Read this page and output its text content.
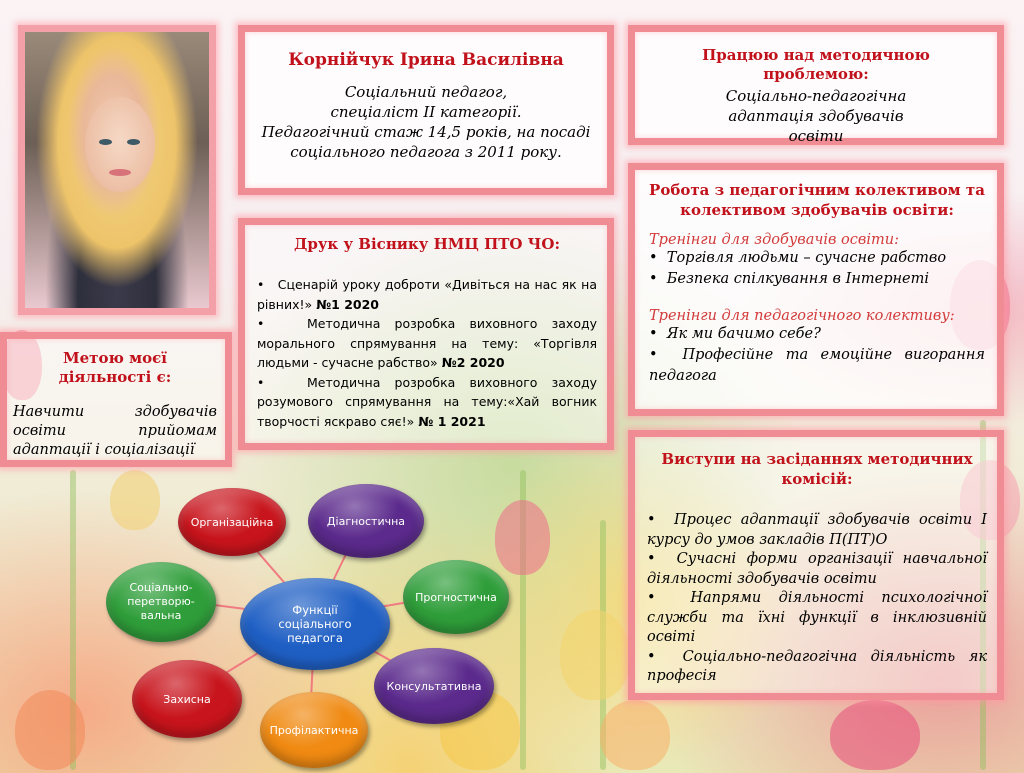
Корнійчук Ірина Василівна
Соціальний педагог,
спеціаліст ІІ категорії.
Педагогічний стаж 14,5 років, на посаді
соціального педагога з 2011 року.
Працюю над методичною проблемою:
Соціально-педагогічна адаптація здобувачів освіти
Робота з педагогічним колективом та колективом здобувачів освіти:
Тренінги для здобувачів освіти:
•  Торгівля людьми – сучасне рабство
•  Безпека спілкування в Інтернеті
Тренінги для педагогічного колективу:
•  Як ми бачимо себе?
•  Професійне та емоційне вигорання педагога
Метою моєї діяльності є:
Навчити здобувачів освіти прийомам адаптації і соціалізації
Друк у Віснику НМЦ ПТО ЧО:
•   Сценарій уроку доброти «Дивіться на нас як на рівних!» №1 2020
•   Методична розробка виховного заходу морального спрямування на тему: «Торгівля людьми - сучасне рабство» №2 2020
•   Методична розробка виховного заходу розумового спрямування на тему:«Хай вогник творчості яскраво сяє!» № 1 2021
Виступи на засіданнях методичних комісій:
•  Процес адаптації здобувачів освіти І курсу до умов закладів П(ПТ)О
•  Сучасні форми організації навчальної діяльності здобувачів освіти
•  Напрями діяльності психологічної служби та їхні функції в інклюзивній освіті
•  Соціально-педагогічна діяльність як професія
Організаційна	Діагностична
Прогностична
Консультативна
Профілактична
Захисна
Соціально-перетворю-вальна	Функції соціального педагога
